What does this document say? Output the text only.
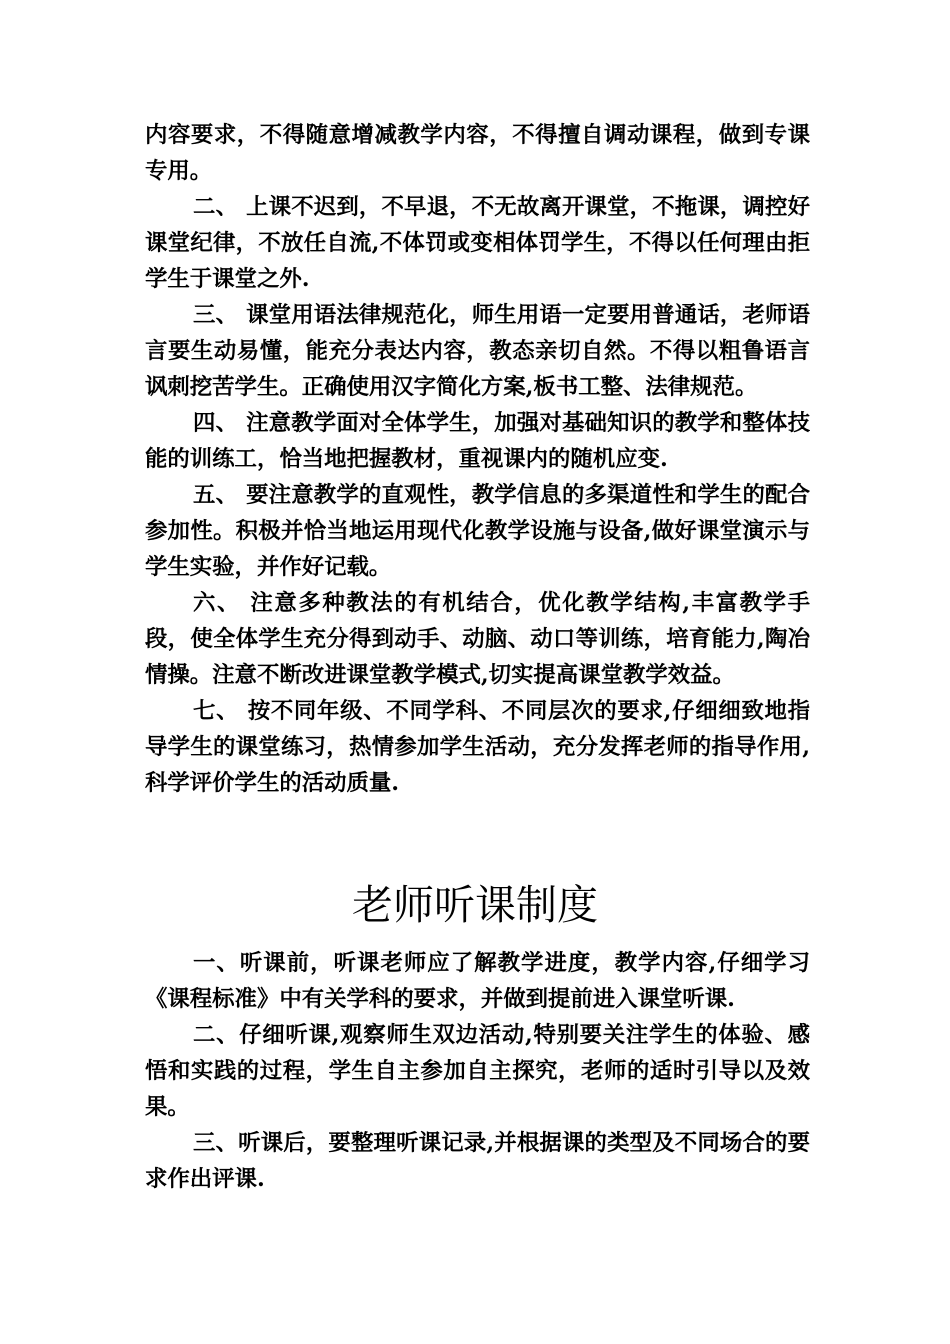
内容要求，不得随意增减教学内容，不得擅自调动课程，做到专课专用。

二、 上课不迟到，不早退，不无故离开课堂，不拖课，调控好课堂纪律，不放任自流,不体罚或变相体罚学生，不得以任何理由拒学生于课堂之外.

三、 课堂用语法律规范化，师生用语一定要用普通话，老师语言要生动易懂，能充分表达内容，教态亲切自然。不得以粗鲁语言讽刺挖苦学生。正确使用汉字简化方案,板书工整、法律规范。

四、 注意教学面对全体学生，加强对基础知识的教学和整体技能的训练工，恰当地把握教材，重视课内的随机应变.

五、 要注意教学的直观性，教学信息的多渠道性和学生的配合参加性。积极并恰当地运用现代化教学设施与设备,做好课堂演示与学生实验，并作好记载。

六、 注意多种教法的有机结合，优化教学结构,丰富教学手段，使全体学生充分得到动手、动脑、动口等训练，培育能力,陶冶情操。注意不断改进课堂教学模式,切实提高课堂教学效益。

七、 按不同年级、不同学科、不同层次的要求,仔细细致地指导学生的课堂练习，热情参加学生活动，充分发挥老师的指导作用,科学评价学生的活动质量.

老师听课制度

一、听课前，听课老师应了解教学进度，教学内容,仔细学习《课程标准》中有关学科的要求，并做到提前进入课堂听课.

二、仔细听课,观察师生双边活动,特别要关注学生的体验、感悟和实践的过程，学生自主参加自主探究，老师的适时引导以及效果。

三、听课后，要整理听课记录,并根据课的类型及不同场合的要求作出评课.
